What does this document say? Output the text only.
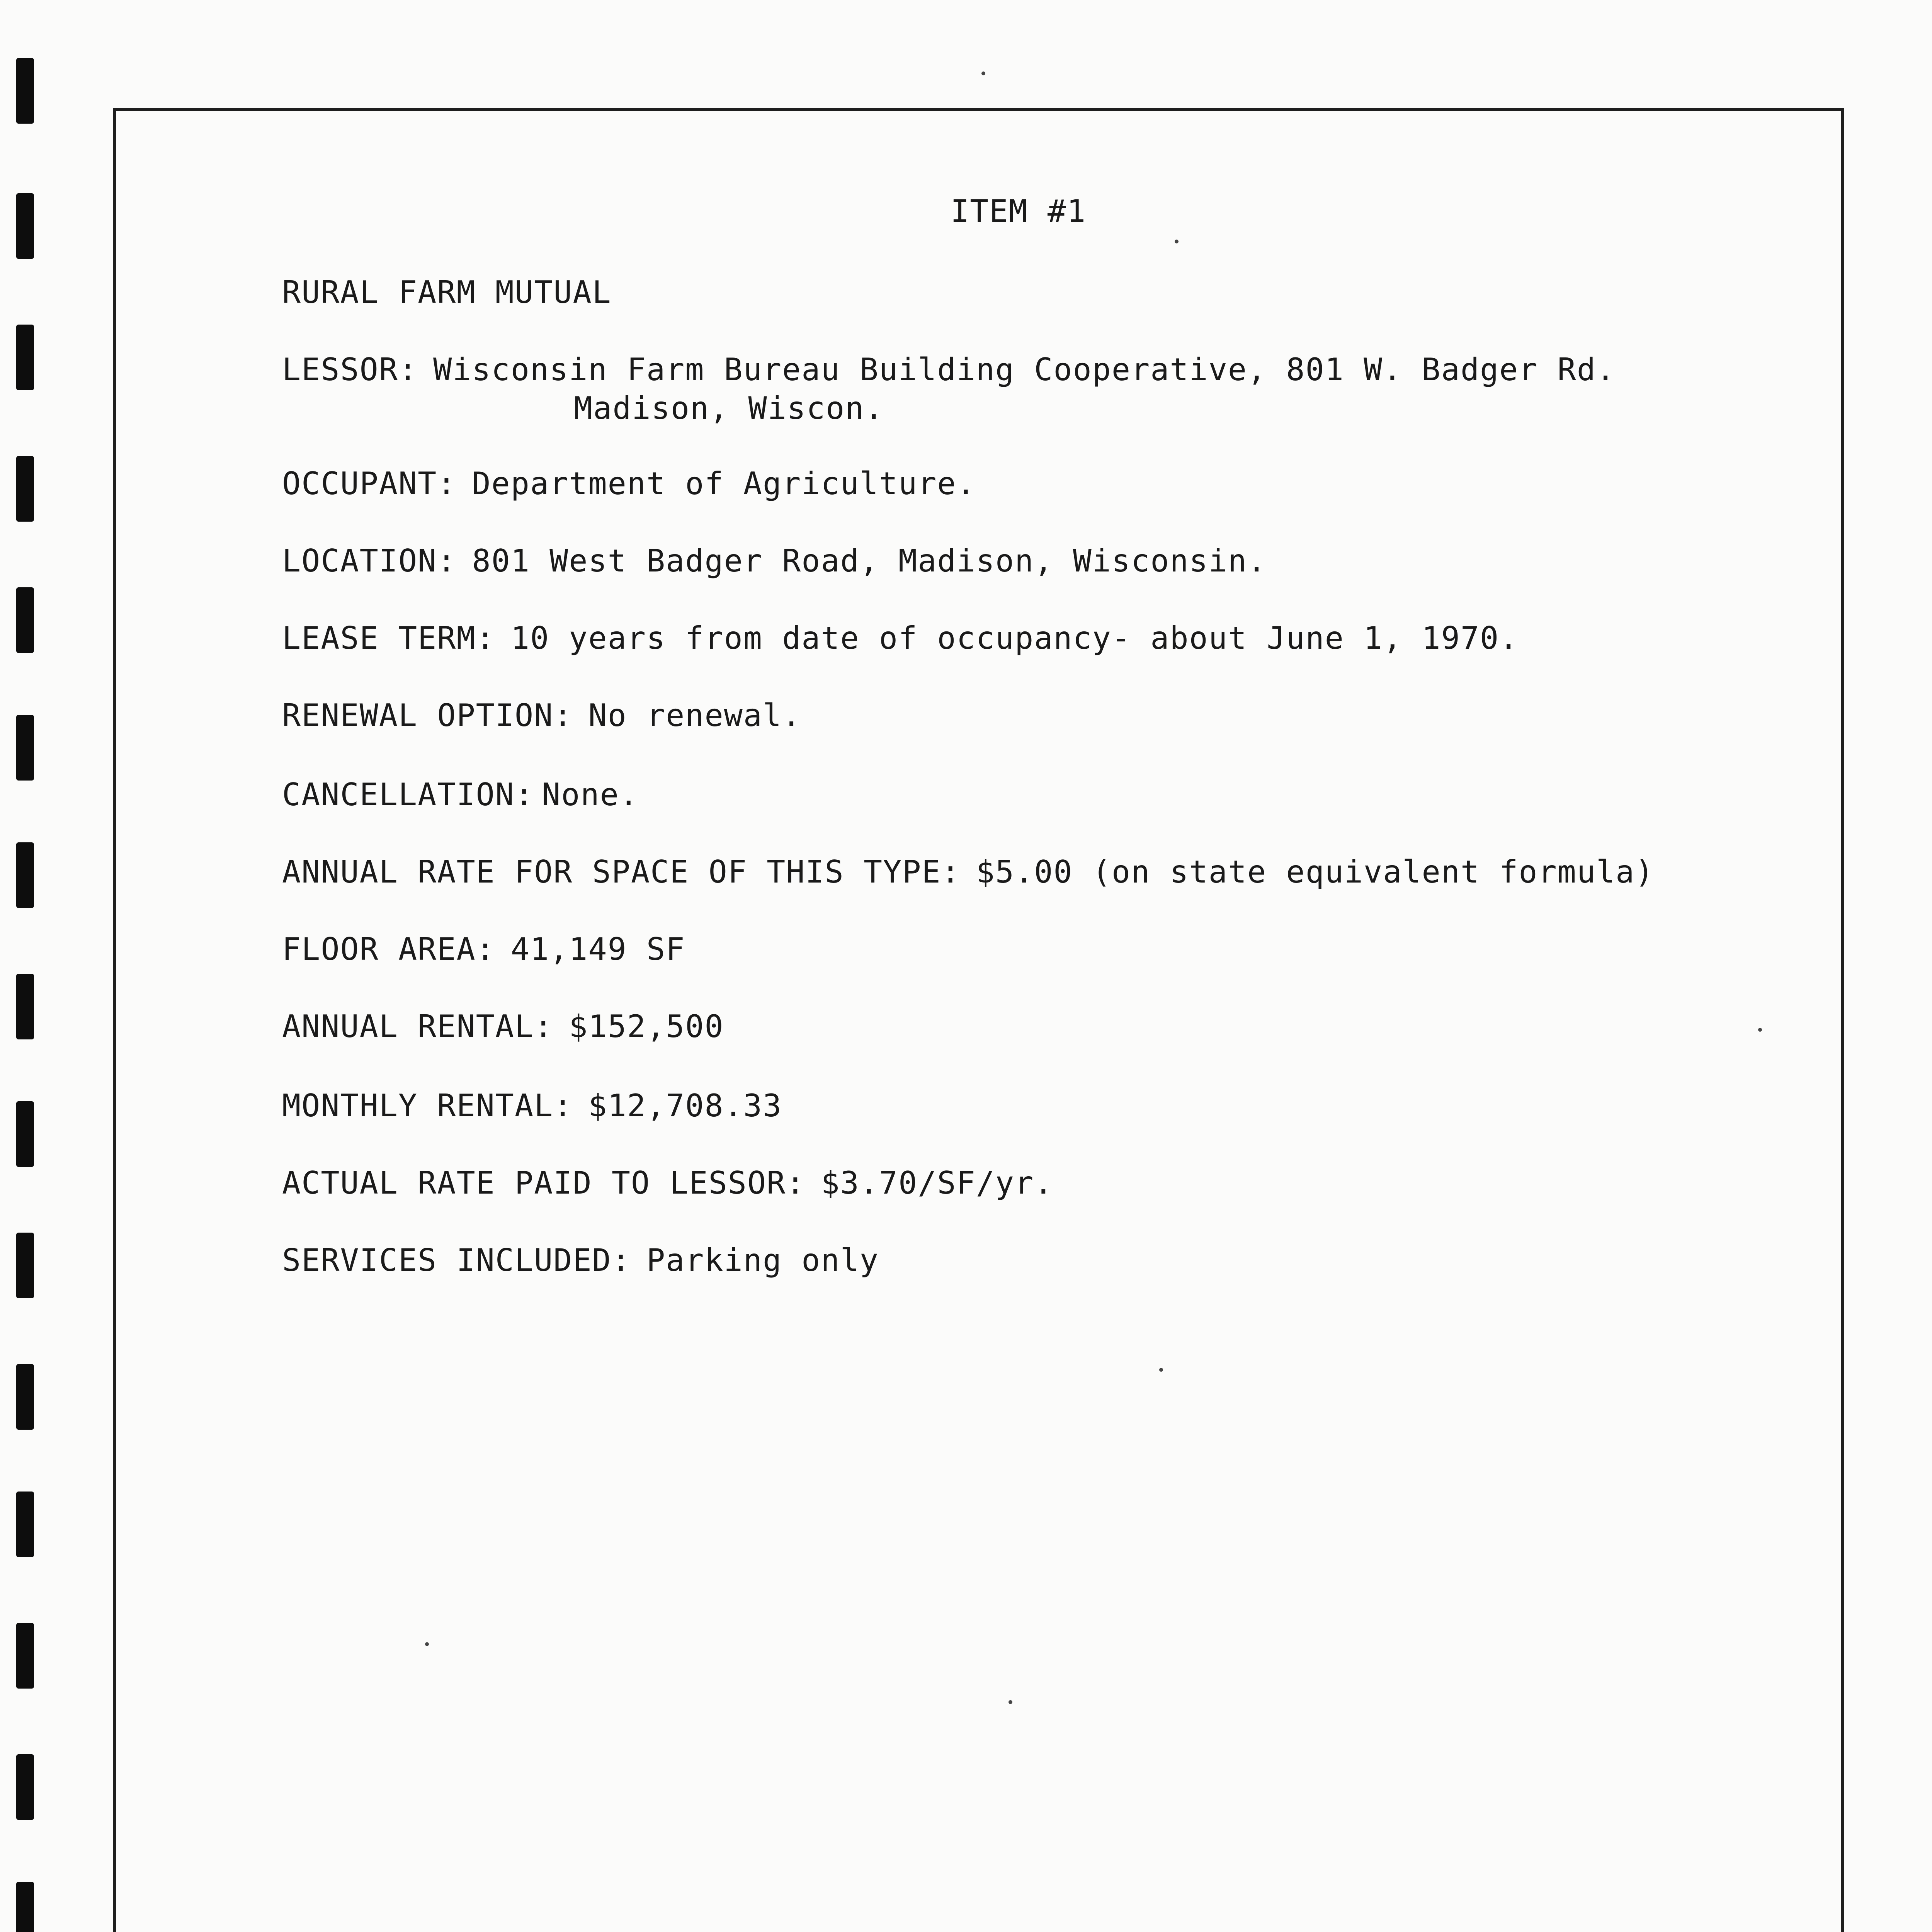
ITEM #1
RURAL FARM MUTUAL
LESSOR: Wisconsin Farm Bureau Building Cooperative, 801 W. Badger Rd.
Madison, Wiscon.
OCCUPANT: Department of Agriculture.
LOCATION: 801 West Badger Road, Madison, Wisconsin.
LEASE TERM: 10 years from date of occupancy- about June 1, 1970.
RENEWAL OPTION: No renewal.
CANCELLATION: None.
ANNUAL RATE FOR SPACE OF THIS TYPE: $5.00 (on state equivalent formula)
FLOOR AREA: 41,149 SF
ANNUAL RENTAL: $152,500
MONTHLY RENTAL: $12,708.33
ACTUAL RATE PAID TO LESSOR: $3.70/SF/yr.
SERVICES INCLUDED: Parking only
